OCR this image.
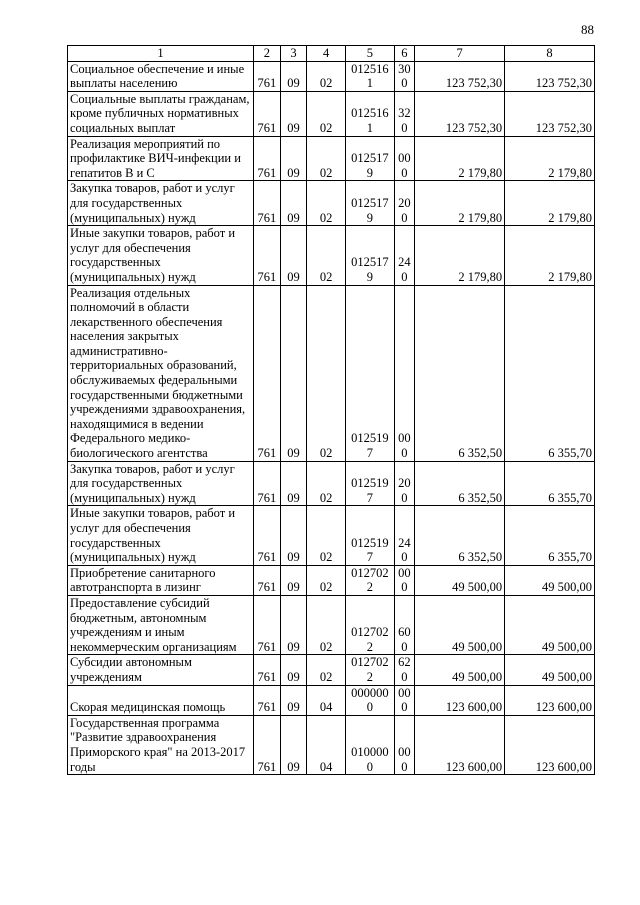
88
1	2	3	4	5	6	7	8
Социальное обеспечение и иные выплаты населению	761	09	02	0125161	300	123 752,30	123 752,30
Социальные выплаты гражданам, кроме публичных нормативных социальных выплат	761	09	02	0125161	320	123 752,30	123 752,30
Реализация мероприятий по профилактике ВИЧ-инфекции и гепатитов В и С	761	09	02	0125179	000	2 179,80	2 179,80
Закупка товаров, работ и услуг для государственных (муниципальных) нужд	761	09	02	0125179	200	2 179,80	2 179,80
Иные закупки товаров, работ и услуг для обеспечения государственных (муниципальных) нужд	761	09	02	0125179	240	2 179,80	2 179,80
Реализация отдельных полномочий в области лекарственного обеспечения населения закрытых административно-территориальных образований, обслуживаемых федеральными государственными бюджетными учреждениями здравоохранения, находящимися в ведении Федерального медико-биологического агентства	761	09	02	0125197	000	6 352,50	6 355,70
Закупка товаров, работ и услуг для государственных (муниципальных) нужд	761	09	02	0125197	200	6 352,50	6 355,70
Иные закупки товаров, работ и услуг для обеспечения государственных (муниципальных) нужд	761	09	02	0125197	240	6 352,50	6 355,70
Приобретение санитарного автотранспорта в лизинг	761	09	02	0127022	000	49 500,00	49 500,00
Предоставление субсидий бюджетным, автономным учреждениям и иным некоммерческим организациям	761	09	02	0127022	600	49 500,00	49 500,00
Субсидии автономным учреждениям	761	09	02	0127022	620	49 500,00	49 500,00
Скорая медицинская помощь	761	09	04	0000000	000	123 600,00	123 600,00
Государственная программа "Развитие здравоохранения Приморского края" на 2013-2017 годы	761	09	04	0100000	000	123 600,00	123 600,00
